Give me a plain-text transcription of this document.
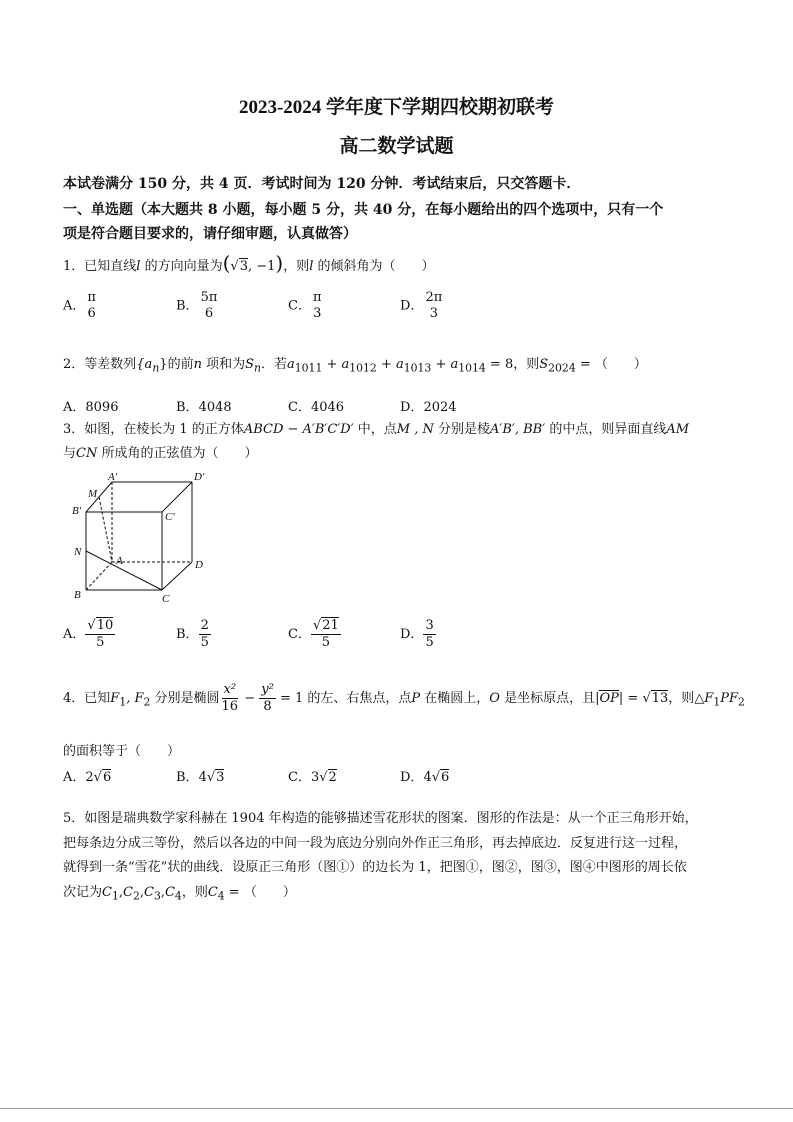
2023-2024 学年度下学期四校期初联考
高二数学试题
本试卷满分 150 分，共 4 页．考试时间为 120 分钟．考试结束后，只交答题卡．
一、单选题（本大题共 8 小题，每小题 5 分，共 40 分，在每小题给出的四个选项中，只有一个
项是符合题目要求的，请仔细审题，认真做答）
1．已知直线l 的方向向量为(√3, −1)，则l 的倾斜角为（　　）
A．
π
6	B．
5π
6	C．
π
3	D．
2π
3
2．等差数列$\{a_n\}$的前n 项和为$S_n$．若$a_{1011} + a_{1012} + a_{1013} + a_{1014} = 8$，则$S_{2024}$ = （　　）
A．8096	B．4048	C．4046	D．2024
3．如图，在棱长为 1 的正方体ABCD − A′B′C′D′ 中，点M , N 分别是棱A′B′, BB′ 的中点，则异面直线AM
与CN 所成角的正弦值为（　　）
A′	D′
M
B′	C′
N
A	D
B	C
A． $\frac{√10}{5}$	B． $\frac{2}{5}$	C． $\frac{√21}{5}$	D． $\frac{3}{5}$
4．已知$F_1$, $F_2$ 分别是椭圆 $\frac{\text{x²}}{16} - \frac{\text{y²}}{8} = 1$ 的左、右焦点，点P 在椭圆上，O 是坐标原点，且|OP| = √13，则$\triangle F_1PF_2$
的面积等于（　　）
A．2√6	B．4√3	C．3√2	D．4√6
5．如图是瑞典数学家科赫在 1904 年构造的能够描述雪花形状的图案．图形的作法是：从一个正三角形开始，
把每条边分成三等份，然后以各边的中间一段为底边分别向外作正三角形，再去掉底边．反复进行这一过程，
就得到一条“雪花”状的曲线．设原正三角形（图①）的边长为 1，把图①，图②，图③，图④中图形的周长依
次记为$C_1,C_2,C_3,C_4$，则$C_4$ = （　　）
